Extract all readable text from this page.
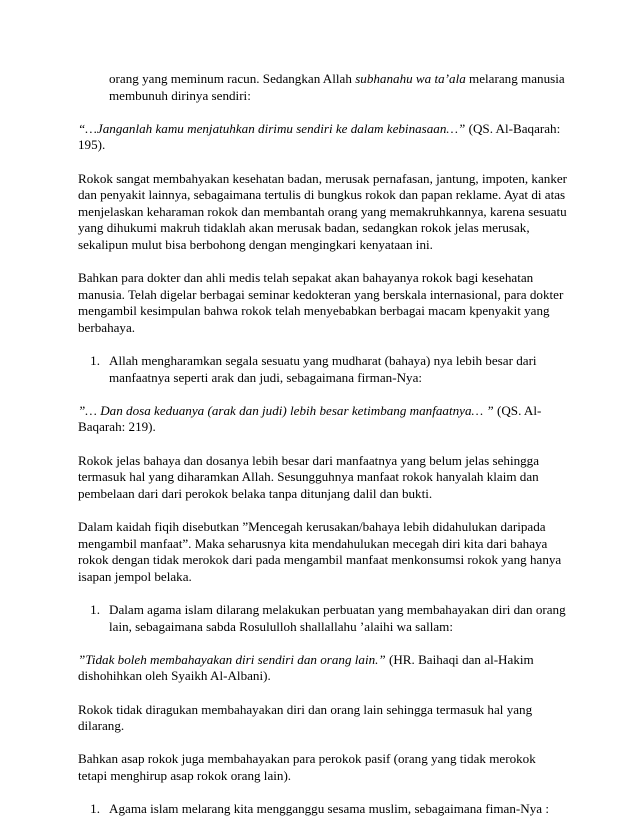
orang yang meminum racun. Sedangkan Allah subhanahu wa ta’ala melarang manusia membunuh dirinya sendiri:

“…Janganlah kamu menjatuhkan dirimu sendiri ke dalam kebinasaan…” (QS. Al-Baqarah: 195).

Rokok sangat membahyakan kesehatan badan, merusak pernafasan, jantung, impoten, kanker dan penyakit lainnya, sebagaimana tertulis di bungkus rokok dan papan reklame. Ayat di atas menjelaskan keharaman rokok dan membantah orang yang memakruhkannya, karena sesuatu yang dihukumi makruh tidaklah akan merusak badan, sedangkan rokok jelas merusak, sekalipun mulut bisa berbohong dengan mengingkari kenyataan ini.

Bahkan para dokter dan ahli medis telah sepakat akan bahayanya rokok bagi kesehatan manusia. Telah digelar berbagai seminar kedokteran yang berskala internasional, para dokter mengambil kesimpulan bahwa rokok telah menyebabkan berbagai macam kpenyakit yang berbahaya.

1. Allah mengharamkan segala sesuatu yang mudharat (bahaya) nya lebih besar dari manfaatnya seperti arak dan judi, sebagaimana firman-Nya:

”… Dan dosa keduanya (arak dan judi) lebih besar ketimbang manfaatnya… ” (QS. Al-Baqarah: 219).

Rokok jelas bahaya dan dosanya lebih besar dari manfaatnya yang belum jelas sehingga termasuk hal yang diharamkan Allah. Sesungguhnya manfaat rokok hanyalah klaim dan pembelaan dari dari perokok belaka tanpa ditunjang dalil dan bukti.

Dalam kaidah fiqih disebutkan ”Mencegah kerusakan/bahaya lebih didahulukan daripada mengambil manfaat”. Maka seharusnya kita mendahulukan mecegah diri kita dari bahaya rokok dengan tidak merokok dari pada mengambil manfaat menkonsumsi rokok yang hanya isapan jempol belaka.

1. Dalam agama islam dilarang melakukan perbuatan yang membahayakan diri dan orang lain, sebagaimana sabda Rosululloh shallallahu ’alaihi wa sallam:

”Tidak boleh membahayakan diri sendiri dan orang lain.” (HR. Baihaqi dan al-Hakim dishohihkan oleh Syaikh Al-Albani).

Rokok tidak diragukan membahayakan diri dan orang lain sehingga termasuk hal yang dilarang.

Bahkan asap rokok juga membahayakan para perokok pasif (orang yang tidak merokok tetapi menghirup asap rokok orang lain).

1. Agama islam melarang kita mengganggu sesama muslim, sebagaimana fiman-Nya :
